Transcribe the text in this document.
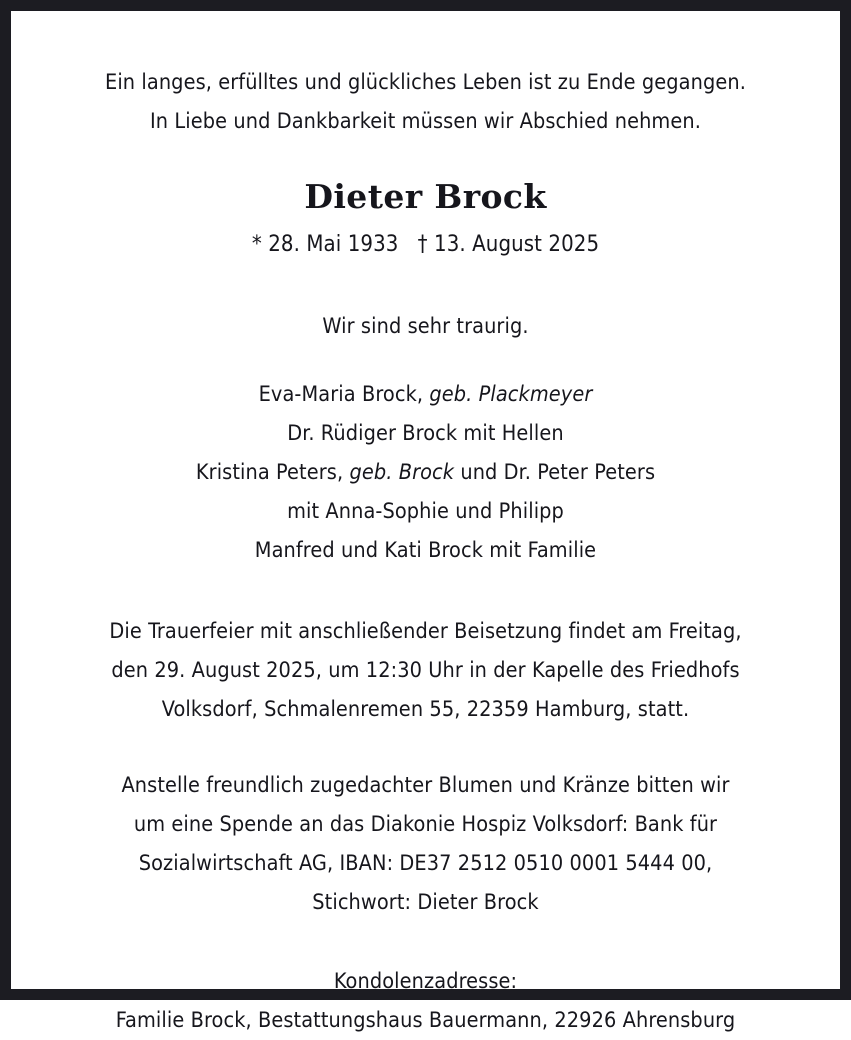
Ein langes, erfülltes und glückliches Leben ist zu Ende gegangen.
In Liebe und Dankbarkeit müssen wir Abschied nehmen.
Dieter Brock
* 28. Mai 1933   † 13. August 2025
Wir sind sehr traurig.
Eva-Maria Brock, geb. Plackmeyer
Dr. Rüdiger Brock mit Hellen
Kristina Peters, geb. Brock und Dr. Peter Peters
mit Anna-Sophie und Philipp
Manfred und Kati Brock mit Familie
Die Trauerfeier mit anschließender Beisetzung findet am Freitag,
den 29. August 2025, um 12:30 Uhr in der Kapelle des Friedhofs
Volksdorf, Schmalenremen 55, 22359 Hamburg, statt.
Anstelle freundlich zugedachter Blumen und Kränze bitten wir
um eine Spende an das Diakonie Hospiz Volksdorf: Bank für
Sozialwirtschaft AG, IBAN: DE37 2512 0510 0001 5444 00,
Stichwort: Dieter Brock
Kondolenzadresse:
Familie Brock, Bestattungshaus Bauermann, 22926 Ahrensburg
